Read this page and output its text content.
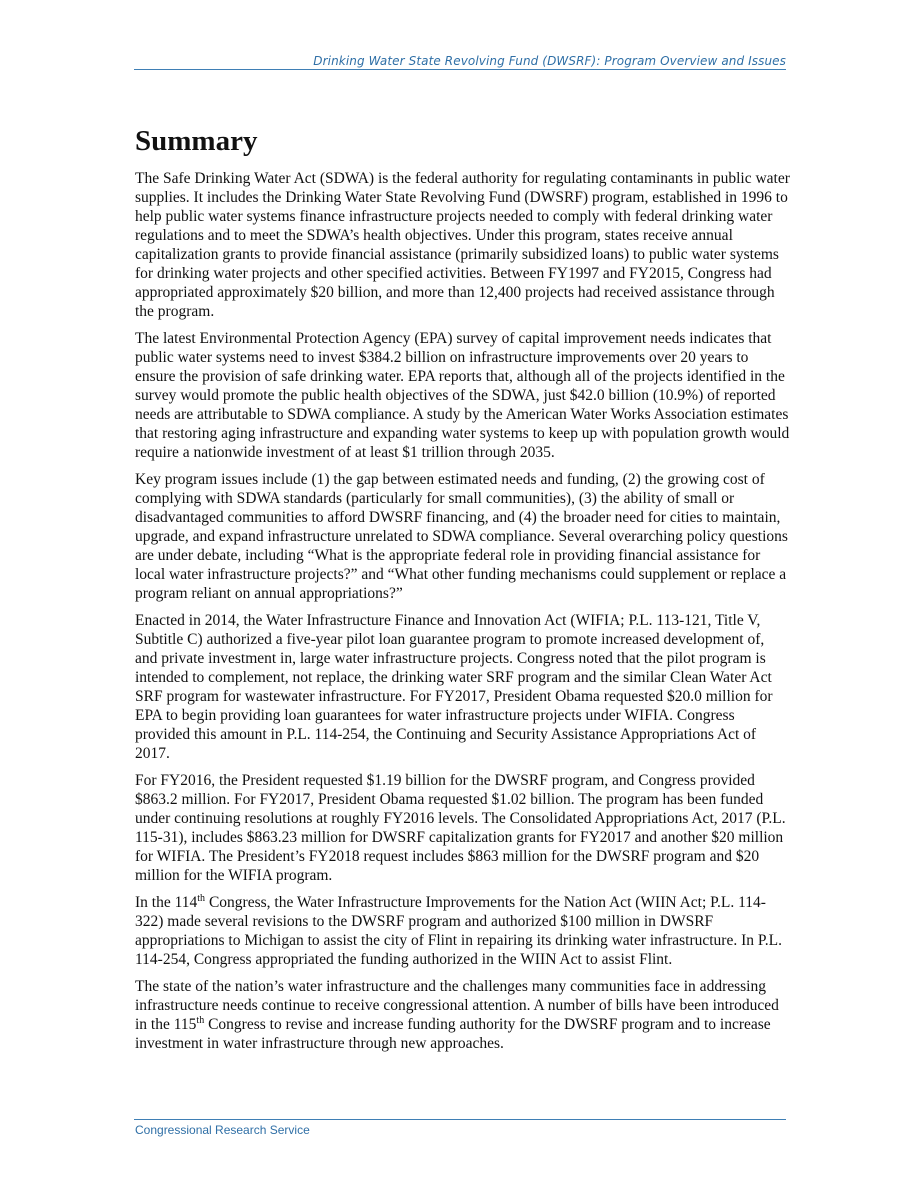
Drinking Water State Revolving Fund (DWSRF): Program Overview and Issues
Summary

The Safe Drinking Water Act (SDWA) is the federal authority for regulating contaminants in public water supplies. It includes the Drinking Water State Revolving Fund (DWSRF) program, established in 1996 to help public water systems finance infrastructure projects needed to comply with federal drinking water regulations and to meet the SDWA’s health objectives. Under this program, states receive annual capitalization grants to provide financial assistance (primarily subsidized loans) to public water systems for drinking water projects and other specified activities. Between FY1997 and FY2015, Congress had appropriated approximately $20 billion, and more than 12,400 projects had received assistance through the program.

The latest Environmental Protection Agency (EPA) survey of capital improvement needs indicates that public water systems need to invest $384.2 billion on infrastructure improvements over 20 years to ensure the provision of safe drinking water. EPA reports that, although all of the projects identified in the survey would promote the public health objectives of the SDWA, just $42.0 billion (10.9%) of reported needs are attributable to SDWA compliance. A study by the American Water Works Association estimates that restoring aging infrastructure and expanding water systems to keep up with population growth would require a nationwide investment of at least $1 trillion through 2035.

Key program issues include (1) the gap between estimated needs and funding, (2) the growing cost of complying with SDWA standards (particularly for small communities), (3) the ability of small or disadvantaged communities to afford DWSRF financing, and (4) the broader need for cities to maintain, upgrade, and expand infrastructure unrelated to SDWA compliance. Several overarching policy questions are under debate, including “What is the appropriate federal role in providing financial assistance for local water infrastructure projects?” and “What other funding mechanisms could supplement or replace a program reliant on annual appropriations?”

Enacted in 2014, the Water Infrastructure Finance and Innovation Act (WIFIA; P.L. 113-121, Title V, Subtitle C) authorized a five-year pilot loan guarantee program to promote increased development of, and private investment in, large water infrastructure projects. Congress noted that the pilot program is intended to complement, not replace, the drinking water SRF program and the similar Clean Water Act SRF program for wastewater infrastructure. For FY2017, President Obama requested $20.0 million for EPA to begin providing loan guarantees for water infrastructure projects under WIFIA. Congress provided this amount in P.L. 114-254, the Continuing and Security Assistance Appropriations Act of 2017.

For FY2016, the President requested $1.19 billion for the DWSRF program, and Congress provided $863.2 million. For FY2017, President Obama requested $1.02 billion. The program has been funded under continuing resolutions at roughly FY2016 levels. The Consolidated Appropriations Act, 2017 (P.L. 115-31), includes $863.23 million for DWSRF capitalization grants for FY2017 and another $20 million for WIFIA. The President’s FY2018 request includes $863 million for the DWSRF program and $20 million for the WIFIA program.

In the 114th Congress, the Water Infrastructure Improvements for the Nation Act (WIIN Act; P.L. 114-322) made several revisions to the DWSRF program and authorized $100 million in DWSRF appropriations to Michigan to assist the city of Flint in repairing its drinking water infrastructure. In P.L. 114-254, Congress appropriated the funding authorized in the WIIN Act to assist Flint.

The state of the nation’s water infrastructure and the challenges many communities face in addressing infrastructure needs continue to receive congressional attention. A number of bills have been introduced in the 115th Congress to revise and increase funding authority for the DWSRF program and to increase investment in water infrastructure through new approaches.

Congressional Research Service
